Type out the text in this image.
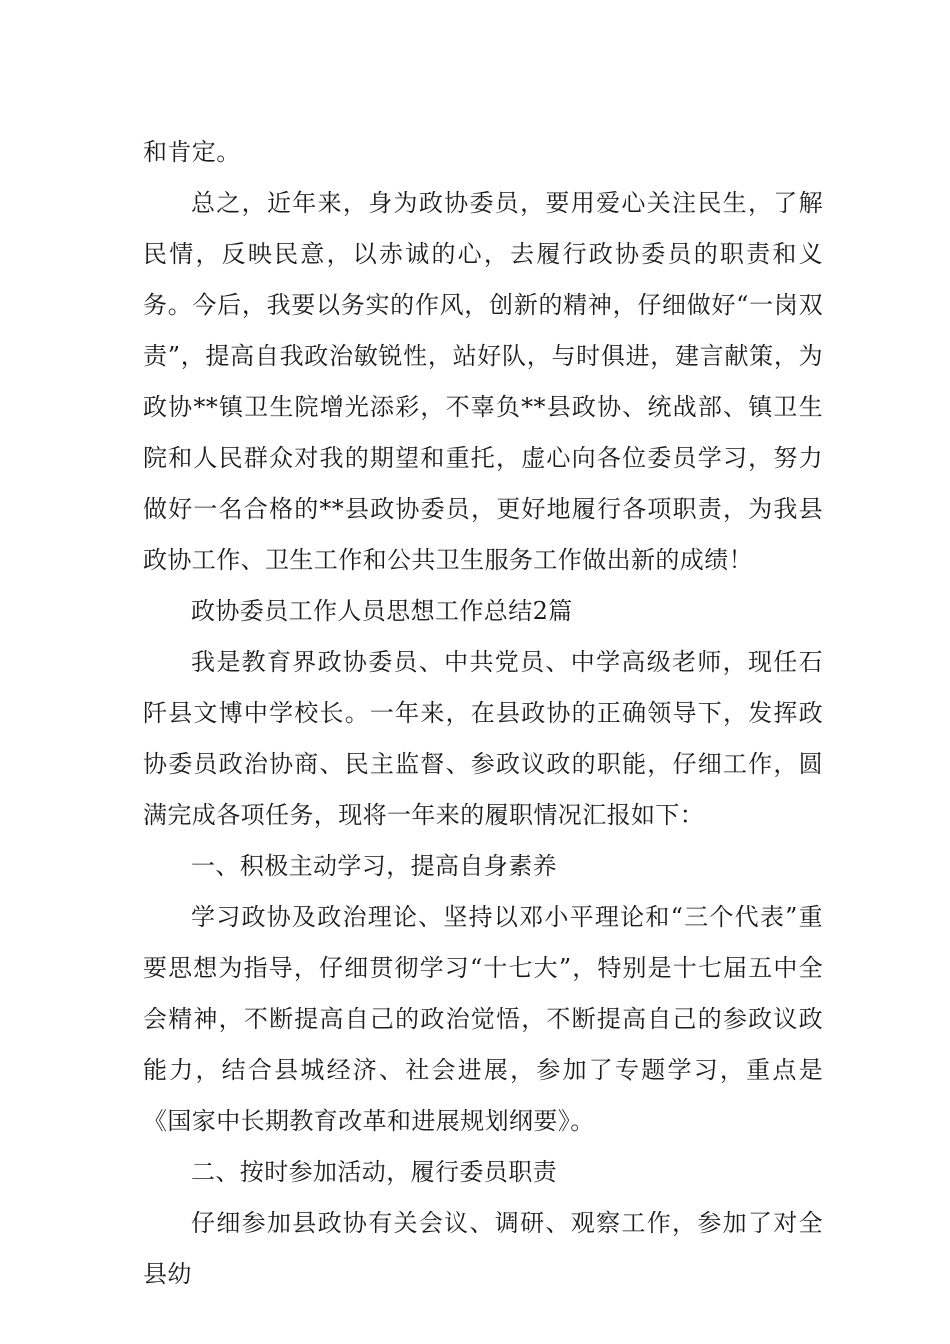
和肯定。

总之，近年来，身为政协委员，要用爱心关注民生，了解民情，反映民意，以赤诚的心，去履行政协委员的职责和义务。今后，我要以务实的作风，创新的精神，仔细做好“一岗双责”，提高自我政治敏锐性，站好队，与时俱进，建言献策，为政协**镇卫生院增光添彩，不辜负**县政协、统战部、镇卫生院和人民群众对我的期望和重托，虚心向各位委员学习，努力做好一名合格的**县政协委员，更好地履行各项职责，为我县政协工作、卫生工作和公共卫生服务工作做出新的成绩！

政协委员工作人员思想工作总结2篇

我是教育界政协委员、中共党员、中学高级老师，现任石阡县文博中学校长。一年来，在县政协的正确领导下，发挥政协委员政治协商、民主监督、参政议政的职能，仔细工作，圆满完成各项任务，现将一年来的履职情况汇报如下：

一、积极主动学习，提高自身素养

学习政协及政治理论、坚持以邓小平理论和“三个代表”重要思想为指导，仔细贯彻学习“十七大”，特别是十七届五中全会精神，不断提高自己的政治觉悟，不断提高自己的参政议政能力，结合县城经济、社会进展，参加了专题学习，重点是《国家中长期教育改革和进展规划纲要》。

二、按时参加活动，履行委员职责

仔细参加县政协有关会议、调研、观察工作，参加了对全县幼
